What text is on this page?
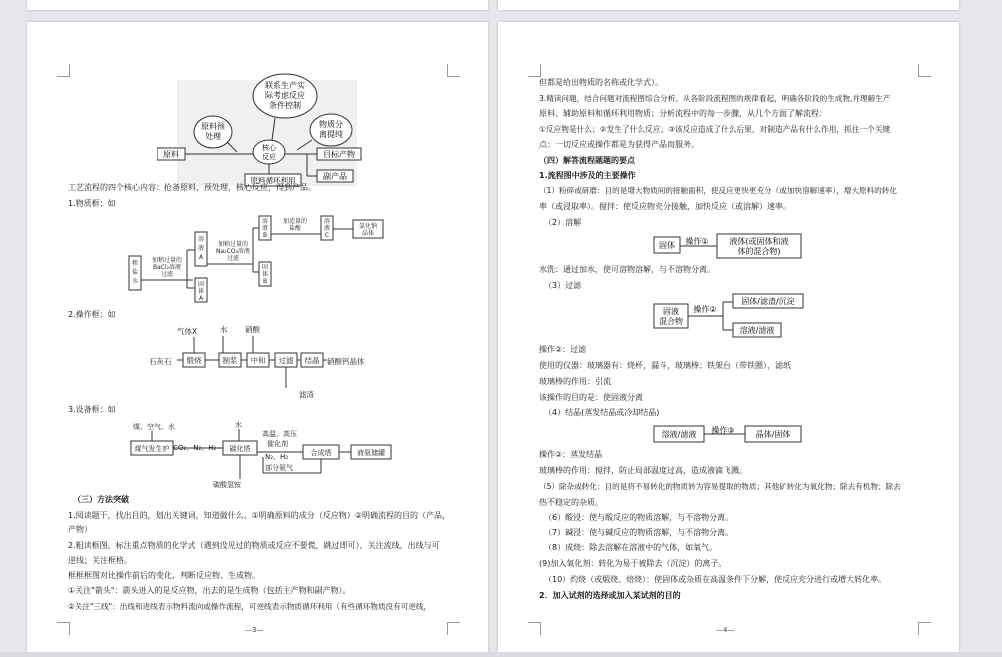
联系生产实
际考虑反应
条件控制
原料预
处理
物质分
离提纯
核心
反应
原料	目标产物
副产品
原料循环利用
工艺流程的四个核心内容：抢备原料，预处理，核心反应，得到产品。
1.物质框：如
粗
盐
水
溶
液
A
固
体
A
溶
液
B
固
体
B
溶
液
C
氯化钠
晶体
加稍过量的
BaCl₂溶液
过滤
加稍过量的
Na₂CO₃溶液
过滤
加适量的
盐酸
2.操作框：如
气体X	水 硝酸
石灰石	硝酸钙晶体
滤渣
煅烧	制浆 中和 过滤 结晶
3.设备框：如
煤、空气、水	水
高温、高压
催化剂
CO₂、N₂、H₂
N₂、H₂
部分氨气
碳酸氢铵
煤气发生炉	碳化塔	合成塔	液氨储罐
（三）方法突破
1.阅读题干，找出目的，划出关键词，知道做什么。①明确原料的成分（反应物）②明确流程的目的（产品，
产物）
2.粗读框图，标注重点物质的化学式（遇到没见过的物质或反应不要慌，跳过即可），关注流线，出线与可
逆线；关注框格。
框框框图对比操作前后的变化，判断反应物、生成物。
①关注"箭头"：箭头进入的是反应物，出去的是生成物（包括主产物和副产物）。
②关注"三线"：出线和进线表示物料流向或操作流程，可逆线表示物质循环利用（有些循环物质没有可逆线，
—3—
但都是给出物质的名称或化学式）。
3.精读问题，结合问题对流程图综合分析。从各阶段流程图的规律看起，明确各阶段的生成物,并理解生产
原料、辅助原料和循环利用物质；分析流程中的每一步骤，从几个方面了解流程：
①反应物是什么；②发生了什么反应；③该反应造成了什么后果，对制造产品有什么作用，抓住一个关键
点：一切反应或操作都是为获得产品而服务。
（四）解答流程题题的要点
1.流程图中涉及的主要操作
（1）粉碎或研磨：目的是增大物质间的接触面积，使反应更快更充分（或加快溶解速率），增大原料的转化
率（或浸取率）。搅拌：使反应物充分接触，加快反应（或溶解）速率。
（2）溶解
固体 操作①	液体(或固体和液
体的混合物)
水洗：通过加水，使可溶物溶解，与不溶物分离。
（3）过滤
固液
混合物
操作②
固体/滤渣/沉淀
溶液/滤液
操作②：过滤
使用的仪器：玻璃器有：烧杯，漏斗，玻璃棒；铁架台（带铁圈），滤纸
玻璃棒的作用：引流
该操作的目的是：使固液分离
（4）结晶(蒸发结晶或冷却结晶)
溶液/滤液 操作③	晶体/固体
操作②：蒸发结晶
玻璃棒的作用：搅拌，防止局部温度过高，造成液滴飞溅。
（5）除杂或转化：目的是将不易转化的物质转为容易提取的物质；其他矿转化为氧化物；除去有机物；除去
热不稳定的杂质。
（6）酸浸：使与酸反应的物质溶解，与不溶物分离。
（7）碱浸：使与碱反应的物质溶解，与不溶物分离。
（8）成烧：除去溶解在溶液中的气体，如氧气。
(9)加入氧化剂：转化为易于被除去（沉淀）的离子。
（10）灼烧（或煅烧、焙烧）：使固体或杂质在高温条件下分解，使反应充分进行或增大转化率。
2．加入试剂的选择或加入某试剂的目的
—4—
